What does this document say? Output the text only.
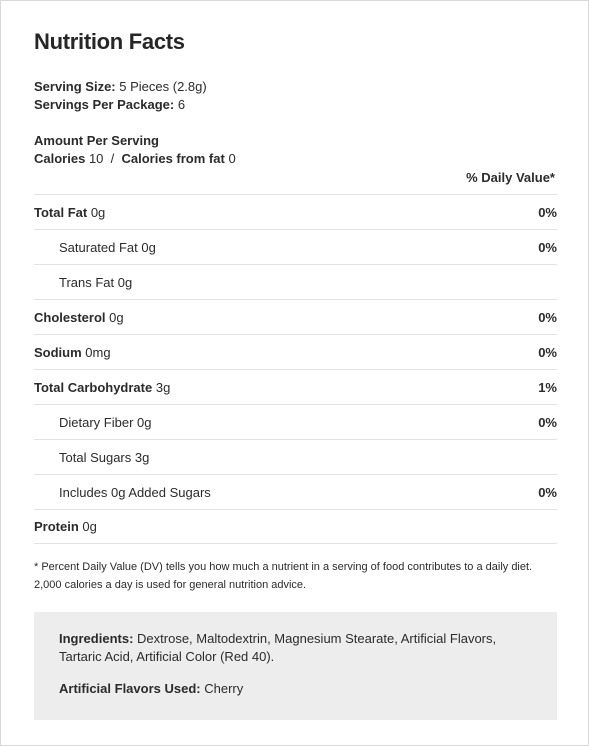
Nutrition Facts
Serving Size: 5 Pieces (2.8g)
Servings Per Package: 6
Amount Per Serving
Calories 10 / Calories from fat 0
% Daily Value*
Total Fat 0g	0%
Saturated Fat 0g	0%
Trans Fat 0g
Cholesterol 0g	0%
Sodium 0mg	0%
Total Carbohydrate 3g	1%
Dietary Fiber 0g	0%
Total Sugars 3g
Includes 0g Added Sugars	0%
Protein 0g
* Percent Daily Value (DV) tells you how much a nutrient in a serving of food contributes to a daily diet.
2,000 calories a day is used for general nutrition advice.

Ingredients: Dextrose, Maltodextrin, Magnesium Stearate, Artificial Flavors, Tartaric Acid, Artificial Color (Red 40).

Artificial Flavors Used: Cherry
